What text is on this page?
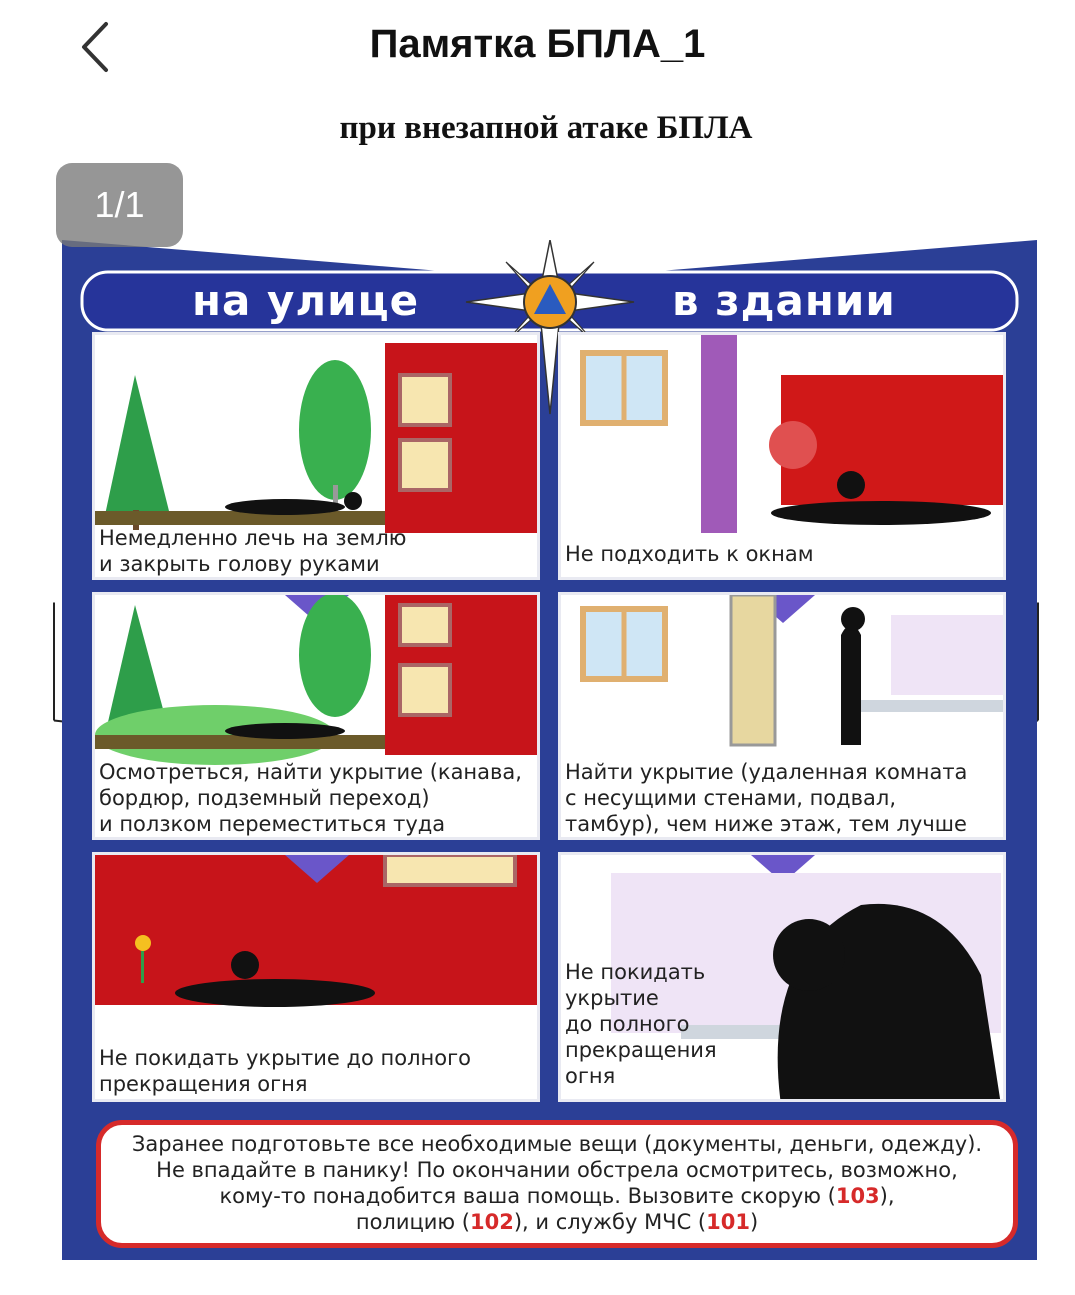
Памятка БПЛА_1
при внезапной атаке БПЛА
Немедленно лечь на землю
и закрыть голову руками	Не подходить к окнам
Осмотреться, найти укрытие (канава,
бордюр, подземный переход)
и ползком переместиться туда
Найти укрытие (удаленная комната
с несущими стенами, подвал,
тамбур), чем ниже этаж, тем лучше
Не покидать укрытие до полного
прекращения огня
Не покидать
укрытие
до полного
прекращения
огня
на улице	в здании
1/1
Заранее подготовьте все необходимые вещи (документы, деньги, одежду).
Не впадайте в панику! По окончании обстрела осмотритесь, возможно,
кому-то понадобится ваша помощь. Вызовите скорую (103),
полицию (102), и службу МЧС (101)
